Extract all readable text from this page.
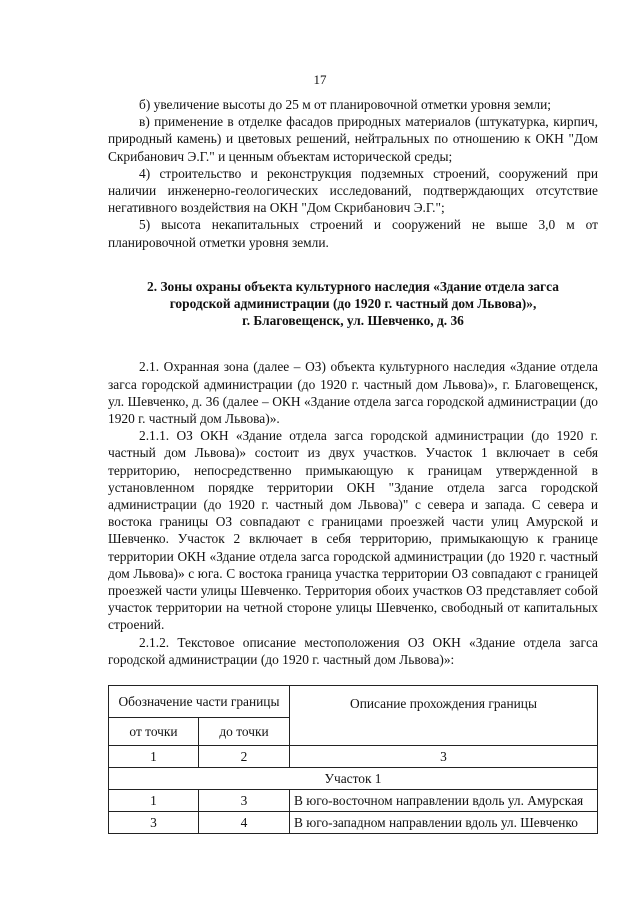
17

б) увеличение высоты до 25 м от планировочной отметки уровня земли;

в) применение в отделке фасадов природных материалов (штукатурка, кирпич, природный камень) и цветовых решений, нейтральных по отношению к ОКН "Дом Скрибанович Э.Г." и ценным объектам исторической среды;

4) строительство и реконструкция подземных строений, сооружений при наличии инженерно-геологических исследований, подтверждающих отсутствие негативного воздействия на ОКН "Дом Скрибанович Э.Г.";

5) высота некапитальных строений и сооружений не выше 3,0 м от планировочной отметки уровня земли.

2. Зоны охраны объекта культурного наследия «Здание отдела загса
городской администрации (до 1920 г. частный дом Львова)»,
г. Благовещенск, ул. Шевченко, д. 36

2.1. Охранная зона (далее – ОЗ) объекта культурного наследия «Здание отдела загса городской администрации (до 1920 г. частный дом Львова)», г. Благовещенск, ул. Шевченко, д. 36 (далее – ОКН «Здание отдела загса городской администрации (до 1920 г. частный дом Львова)».

2.1.1. ОЗ ОКН «Здание отдела загса городской администрации (до 1920 г. частный дом Львова)» состоит из двух участков. Участок 1 включает в себя территорию, непосредственно примыкающую к границам утвержденной в установленном порядке территории ОКН "Здание отдела загса городской администрации (до 1920 г. частный дом Львова)" с севера и запада. С севера и востока границы ОЗ совпадают с границами проезжей части улиц Амурской и Шевченко. Участок 2 включает в себя территорию, примыкающую к границе территории ОКН «Здание отдела загса городской администрации (до 1920 г. частный дом Львова)» с юга. С востока граница участка территории ОЗ совпадают с границей проезжей части улицы Шевченко. Территория обоих участков ОЗ представляет собой участок территории на четной стороне улицы Шевченко, свободный от капитальных строений.

2.1.2. Текстовое описание местоположения ОЗ ОКН «Здание отдела загса городской администрации (до 1920 г. частный дом Львова)»:

Обозначение части границы		Описание прохождения границы
от точки	до точки	
1	2	3
Участок 1		
1	3	В юго-восточном направлении вдоль ул. Амурская
3	4	В юго-западном направлении вдоль ул. Шевченко
